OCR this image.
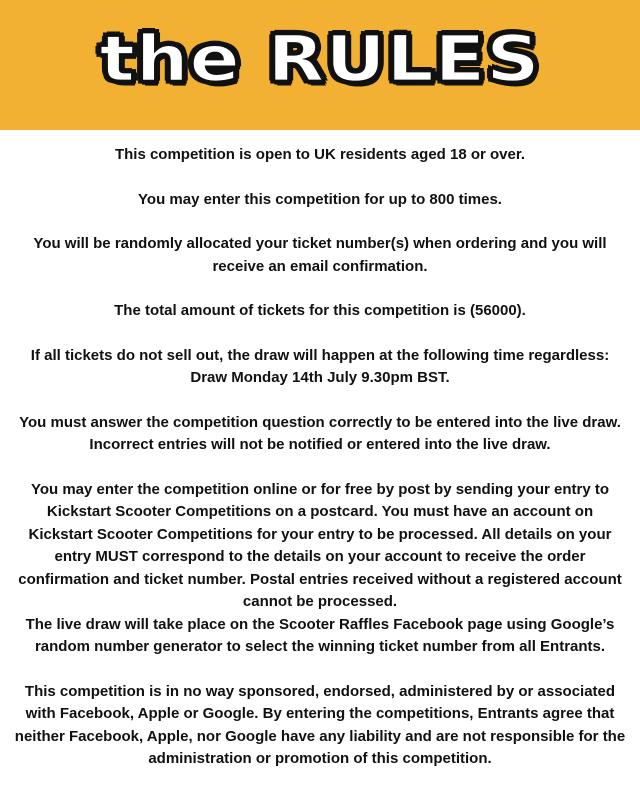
the RULES

This competition is open to UK residents aged 18 or over.

You may enter this competition for up to 800 times.

You will be randomly allocated your ticket number(s) when ordering and you will receive an email confirmation.

The total amount of tickets for this competition is (56000).

If all tickets do not sell out, the draw will happen at the following time regardless: Draw Monday 14th July 9.30pm BST.

You must answer the competition question correctly to be entered into the live draw. Incorrect entries will not be notified or entered into the live draw.

You may enter the competition online or for free by post by sending your entry to Kickstart Scooter Competitions on a postcard. You must have an account on Kickstart Scooter Competitions for your entry to be processed. All details on your entry MUST correspond to the details on your account to receive the order confirmation and ticket number. Postal entries received without a registered account cannot be processed.

The live draw will take place on the Scooter Raffles Facebook page using Google’s random number generator to select the winning ticket number from all Entrants.

This competition is in no way sponsored, endorsed, administered by or associated with Facebook, Apple or Google. By entering the competitions, Entrants agree that neither Facebook, Apple, nor Google have any liability and are not responsible for the administration or promotion of this competition.
